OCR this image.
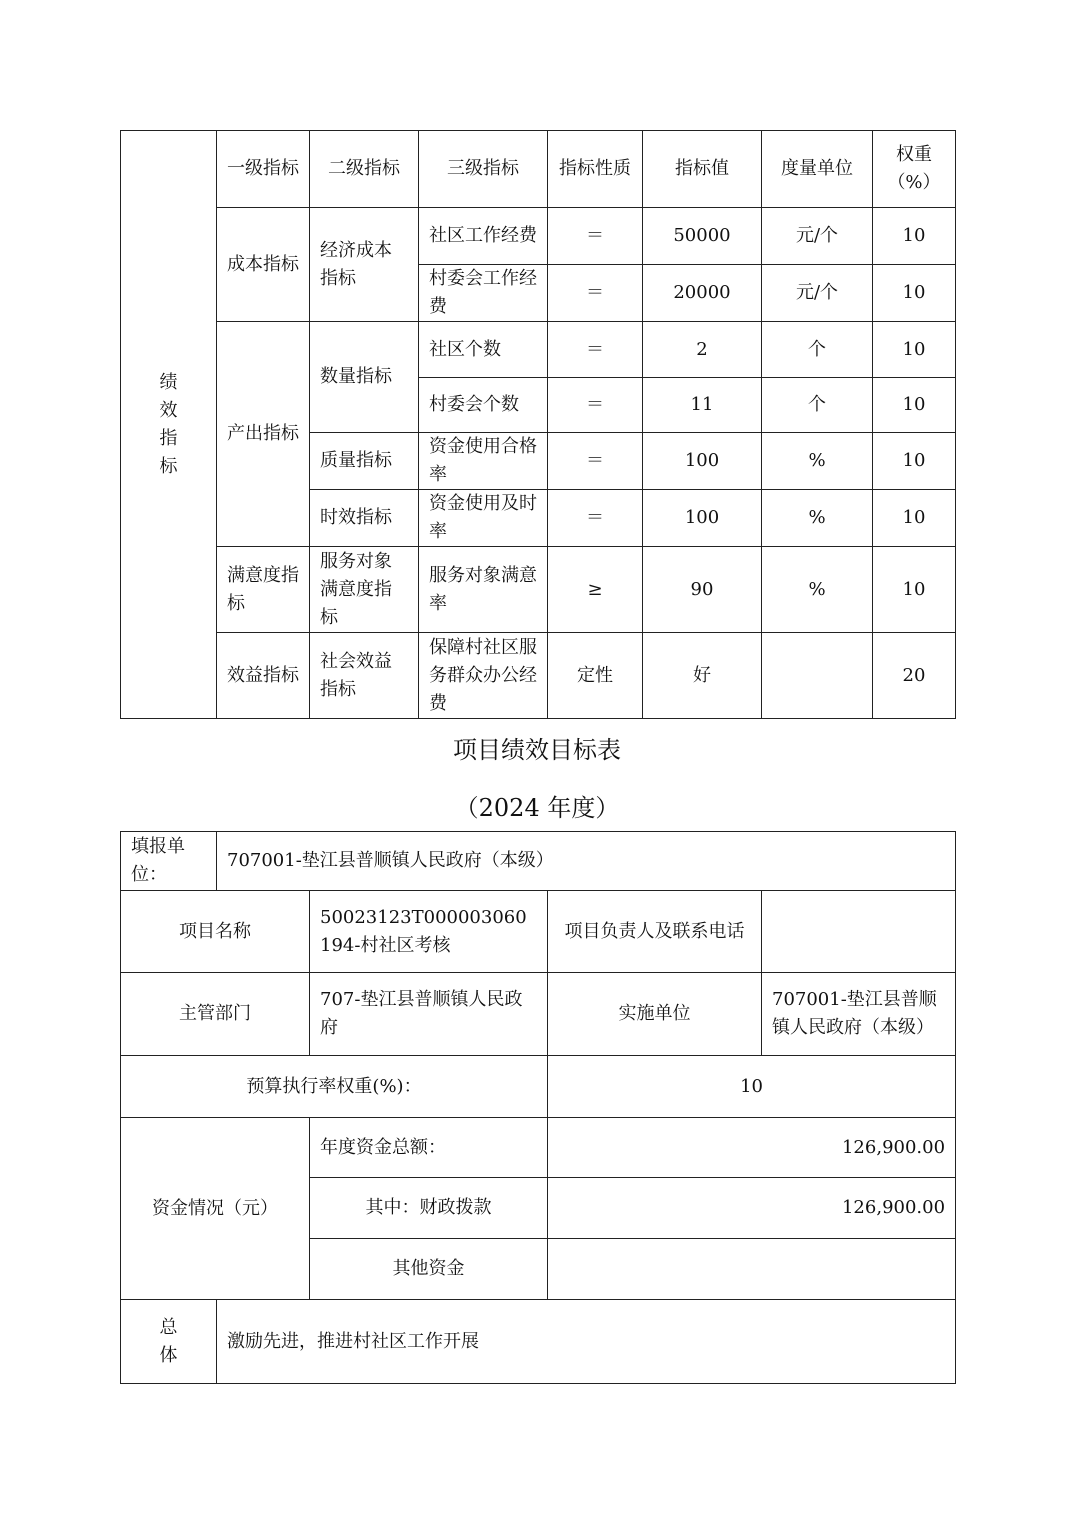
绩效指标	一级指标	二级指标	三级指标	指标性质	指标值	度量单位	权重（%）
	成本指标	经济成本指标	社区工作经费	＝	50000	元/个	10
			村委会工作经费	＝	20000	元/个	10
	产出指标	数量指标	社区个数	＝	2	个	10
			村委会个数	＝	11	个	10
		质量指标	资金使用合格率	＝	100	%	10
		时效指标	资金使用及时率	＝	100	%	10
	满意度指标	服务对象满意度指标	服务对象满意率	≥	90	%	10
	效益指标	社会效益指标	保障村社区服务群众办公经费	定性	好		20
项目绩效目标表
（2024 年度）
填报单位：	707001-垫江县普顺镇人民政府（本级）			
项目名称		50023123T000003060194-村社区考核	项目负责人及联系电话	
主管部门		707-垫江县普顺镇人民政府	实施单位	707001-垫江县普顺镇人民政府（本级）
预算执行率权重(%)：			10	
资金情况（元）		年度资金总额：	126,900.00	
		其中：财政拨款	126,900.00	
		其他资金		

总体	激励先进，推进村社区工作开展			
